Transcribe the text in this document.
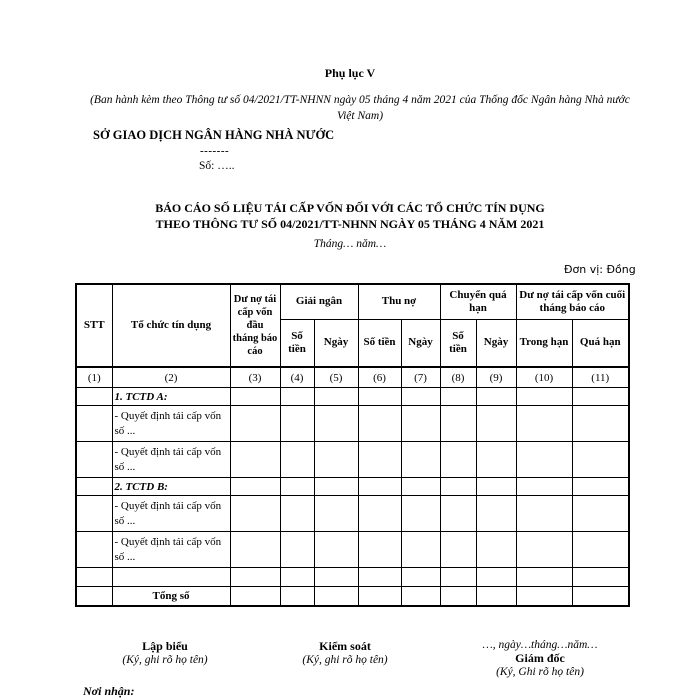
Phụ lục V
(Ban hành kèm theo Thông tư số 04/2021/TT-NHNN ngày 05 tháng 4 năm 2021 của Thống đốc Ngân hàng Nhà nước Việt Nam)
SỞ GIAO DỊCH NGÂN HÀNG NHÀ NƯỚC
-------
Số: …..
BÁO CÁO SỐ LIỆU TÁI CẤP VỐN ĐỐI VỚI CÁC TỔ CHỨC TÍN DỤNG
THEO THÔNG TƯ SỐ 04/2021/TT-NHNN NGÀY 05 THÁNG 4 NĂM 2021
Tháng… năm…
Đơn vị: Đồng
STT	Tổ chức tín dụng	Dư nợ tái cấp vốn đầu tháng báo cáo	Giải ngân		Thu nợ		Chuyển quá hạn		Dư nợ tái cấp vốn cuối tháng báo cáo	
			Số tiền	Ngày	Số tiền	Ngày	Số tiền	Ngày	Trong hạn	Quá hạn
(1)	(2)	(3)	(4)	(5)	(6)	(7)	(8)	(9)	(10)	(11)
	1. TCTD A:									
	- Quyết định tái cấp vốn số ...									
	- Quyết định tái cấp vốn số ...									
	2. TCTD B:									
	- Quyết định tái cấp vốn số ...									
	- Quyết định tái cấp vốn số ...									

	Tổng số									
Lập biểu
(Ký, ghi rõ họ tên)
Kiểm soát
(Ký, ghi rõ họ tên)
…, ngày…tháng…năm…
Giám đốc
(Ký, Ghi rõ họ tên)
Nơi nhận:
